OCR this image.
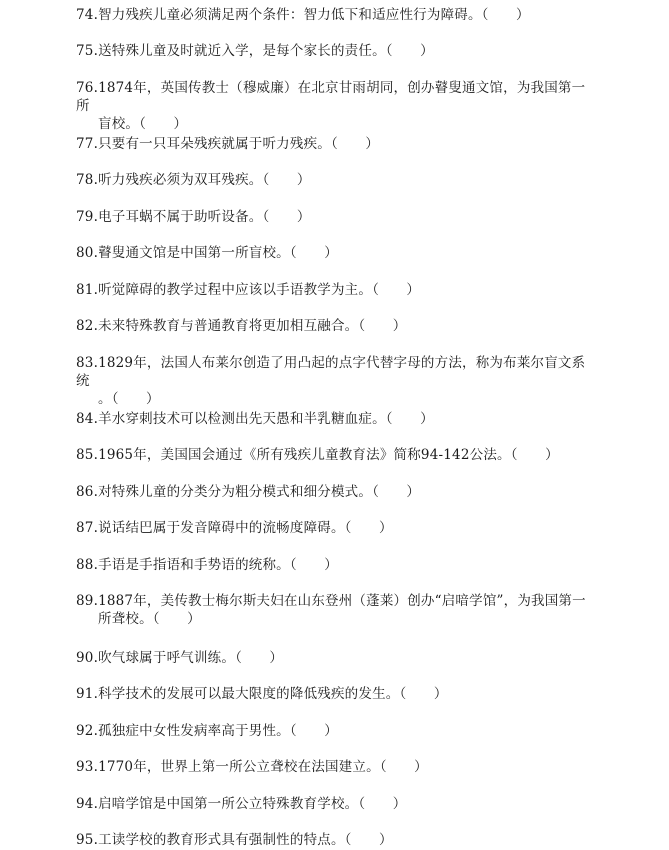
74.智力残疾儿童必须满足两个条件：智力低下和适应性行为障碍。（　　）
75.送特殊儿童及时就近入学，是每个家长的责任。（　　）
76.1874年，英国传教士（穆威廉）在北京甘雨胡同，创办瞽叟通文馆，为我国第一所
盲校。（　　）
77.只要有一只耳朵残疾就属于听力残疾。（　　）
78.听力残疾必须为双耳残疾。（　　）
79.电子耳蜗不属于助听设备。（　　）
80.瞽叟通文馆是中国第一所盲校。（　　）
81.听觉障碍的教学过程中应该以手语教学为主。（　　）
82.未来特殊教育与普通教育将更加相互融合。（　　）
83.1829年，法国人布莱尔创造了用凸起的点字代替字母的方法，称为布莱尔盲文系统
。（　　）
84.羊水穿刺技术可以检测出先天愚和半乳糖血症。（　　）
85.1965年，美国国会通过《所有残疾儿童教育法》简称94-142公法。（　　）
86.对特殊儿童的分类分为粗分模式和细分模式。（　　）
87.说话结巴属于发音障碍中的流畅度障碍。（　　）
88.手语是手指语和手势语的统称。（　　）
89.1887年，美传教士梅尔斯夫妇在山东登州（蓬莱）创办“启喑学馆”，为我国第一
所聋校。（　　）
90.吹气球属于呼气训练。（　　）
91.科学技术的发展可以最大限度的降低残疾的发生。（　　）
92.孤独症中女性发病率高于男性。（　　）
93.1770年，世界上第一所公立聋校在法国建立。（　　）
94.启喑学馆是中国第一所公立特殊教育学校。（　　）
95.工读学校的教育形式具有强制性的特点。（　　）
